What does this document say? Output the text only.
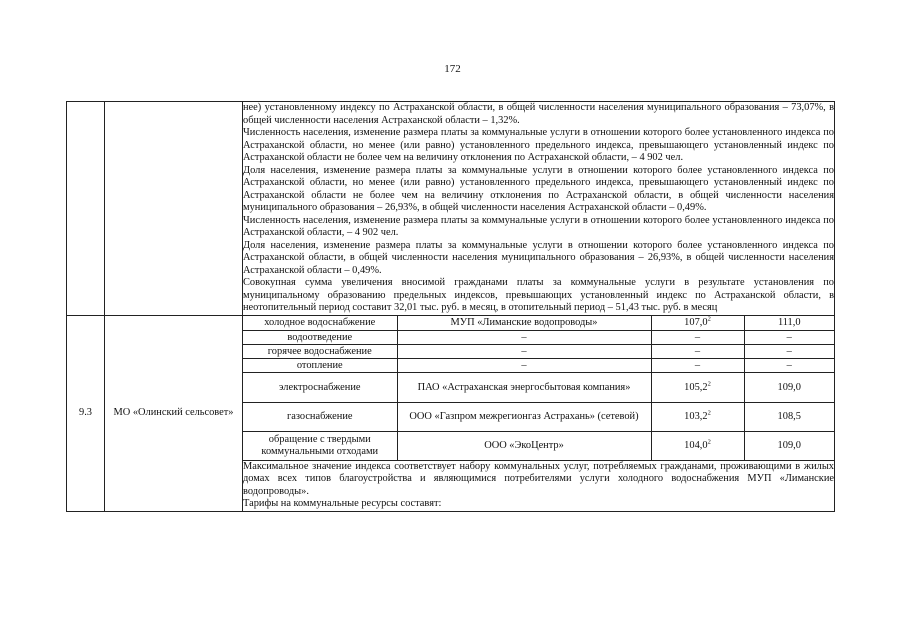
172

нее) установленному индексу по Астраханской области, в общей численности населения муниципального образования – 73,07%, в общей численности населения Астраханской области – 1,32%.

Численность населения, изменение размера платы за коммунальные услуги в отношении которого более установленного индекса по Астраханской области, но менее (или равно) установленного предельного индекса, превышающего установленный индекс по Астраханской области не более чем на величину отклонения по Астраханской области, – 4 902 чел.

Доля населения, изменение размера платы за коммунальные услуги в отношении которого более установленного индекса по Астраханской области, но менее (или равно) установленного предельного индекса, превышающего установленный индекс по Астраханской области не более чем на величину отклонения по Астраханской области, в общей численности населения муниципального образования – 26,93%, в общей численности населения Астраханской области – 0,49%.

Численность населения, изменение размера платы за коммунальные услуги в отношении которого более установленного индекса по Астраханской области, – 4 902 чел.

Доля населения, изменение размера платы за коммунальные услуги в отношении которого более установленного индекса по Астраханской области, в общей численности населения муниципального образования – 26,93%, в общей численности населения Астраханской области – 0,49%.

Совокупная сумма увеличения вносимой гражданами платы за коммунальные услуги в результате установления по муниципальному образованию предельных индексов, превышающих установленный индекс по Астраханской области, в неотопительный период составит 32,01 тыс. руб. в месяц, в отопительный период – 51,43 тыс. руб. в месяц

9.3	МО «Олинский сельсовет»	
холодное водоснабжение	МУП «Лиманские водопроводы»	107,0$^2$	111,0
водоотведение	–	–	–
горячее водоснабжение	–	–	–
отопление	–	–	–
электроснабжение	ПАО «Астраханская энергосбытовая компания»	105,2$^2$	109,0
газоснабжение	ООО «Газпром межрегионгаз Астрахань» (сетевой)	103,2$^2$	108,5
обращение с твердыми коммунальными отходами	ООО «ЭкоЦентр»	104,0$^2$	109,0

Максимальное значение индекса соответствует набору коммунальных услуг, потребляемых гражданами, проживающими в жилых домах всех типов благоустройства и являющимися потребителями услуги холодного водоснабжения МУП «Лиманские водопроводы».

Тарифы на коммунальные ресурсы составят:
